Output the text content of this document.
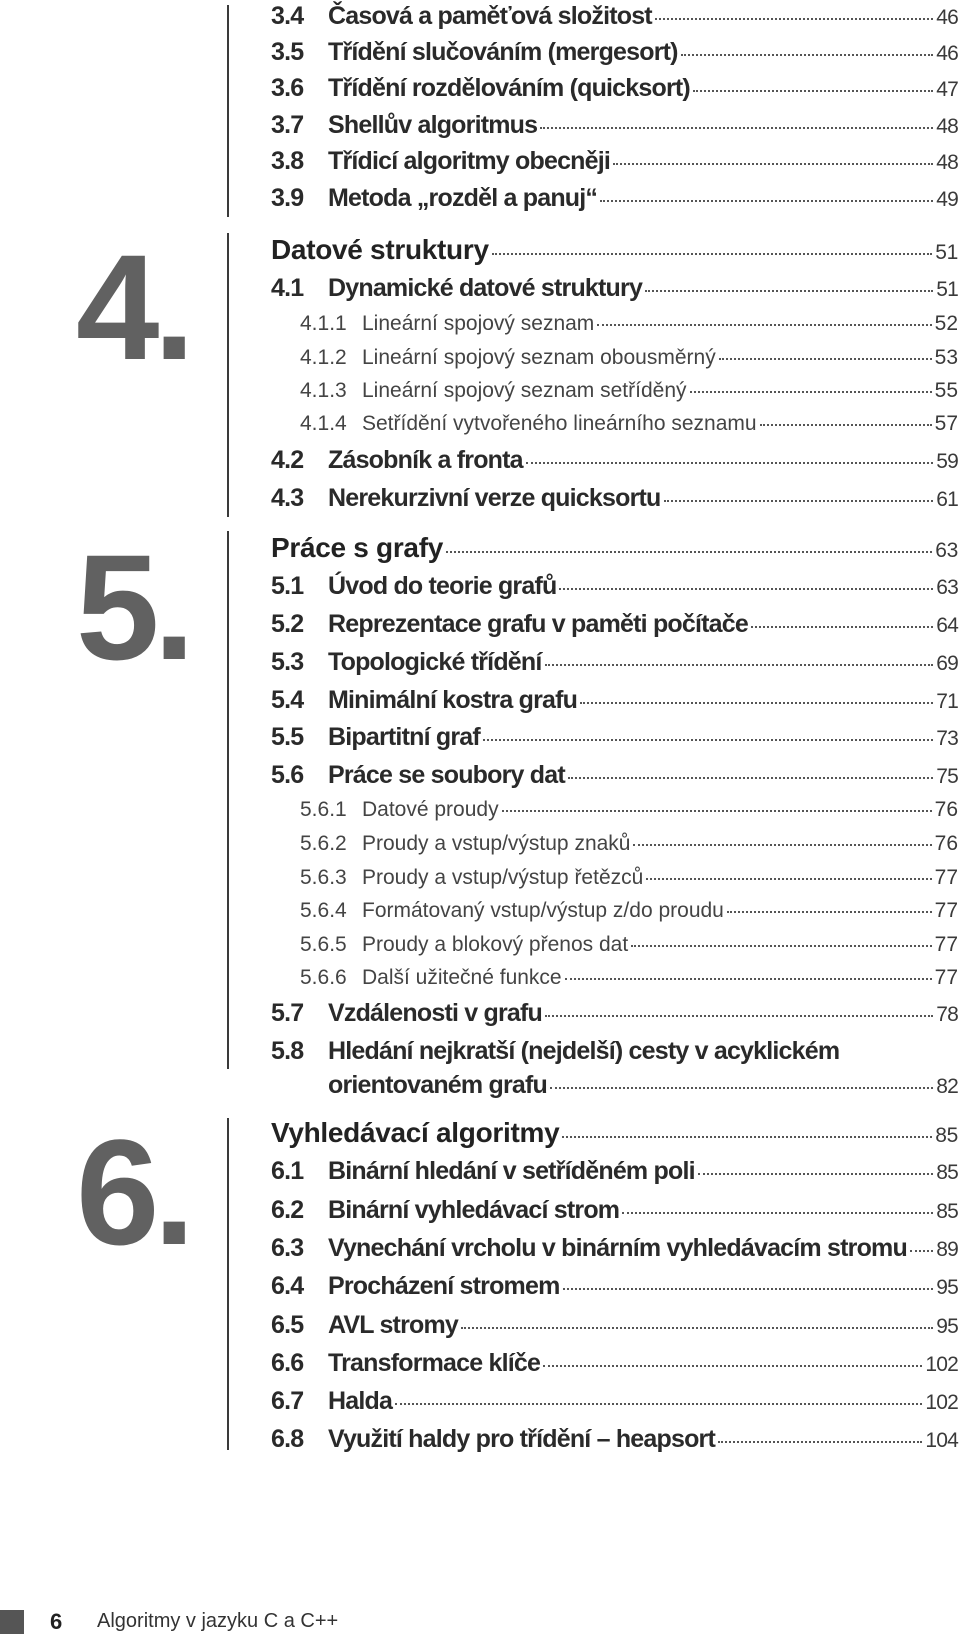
4.
5.
6.
3.4 Časová a paměťová složitost	46
3.5 Třídění slučováním (mergesort)	46
3.6 Třídění rozdělováním (quicksort)	47
3.7 Shellův algoritmus	48
3.8 Třídicí algoritmy obecněji	48
3.9 Metoda „rozděl a panuj“	49
Datové struktury	51
4.1 Dynamické datové struktury	51
4.1.1 Lineární spojový seznam	52
4.1.2 Lineární spojový seznam obousměrný	53
4.1.3 Lineární spojový seznam setříděný	55
4.1.4 Setřídění vytvořeného lineárního seznamu	57
4.2 Zásobník a fronta	59
4.3 Nerekurzivní verze quicksortu	61
Práce s grafy	63
5.1 Úvod do teorie grafů	63
5.2 Reprezentace grafu v paměti počítače	64
5.3 Topologické třídění	69
5.4 Minimální kostra grafu	71
5.5 Bipartitní graf	73
5.6 Práce se soubory dat	75
5.6.1 Datové proudy	76
5.6.2 Proudy a vstup/výstup znaků	76
5.6.3 Proudy a vstup/výstup řetězců	77
5.6.4 Formátovaný vstup/výstup z/do proudu	77
5.6.5 Proudy a blokový přenos dat	77
5.6.6 Další užitečné funkce	77
5.7 Vzdálenosti v grafu	78
5.8 Hledání nejkratší (nejdelší) cesty v acyklickém
orientovaném grafu	82
Vyhledávací algoritmy	85
6.1 Binární hledání v setříděném poli	85
6.2 Binární vyhledávací strom	85
6.3 Vynechání vrcholu v binárním vyhledávacím stromu 89
6.4 Procházení stromem	95
6.5 AVL stromy	95
6.6 Transformace klíče	102
6.7 Halda	102
6.8 Využití haldy pro třídění – heapsort	104
6 Algoritmy v jazyku C a C++
